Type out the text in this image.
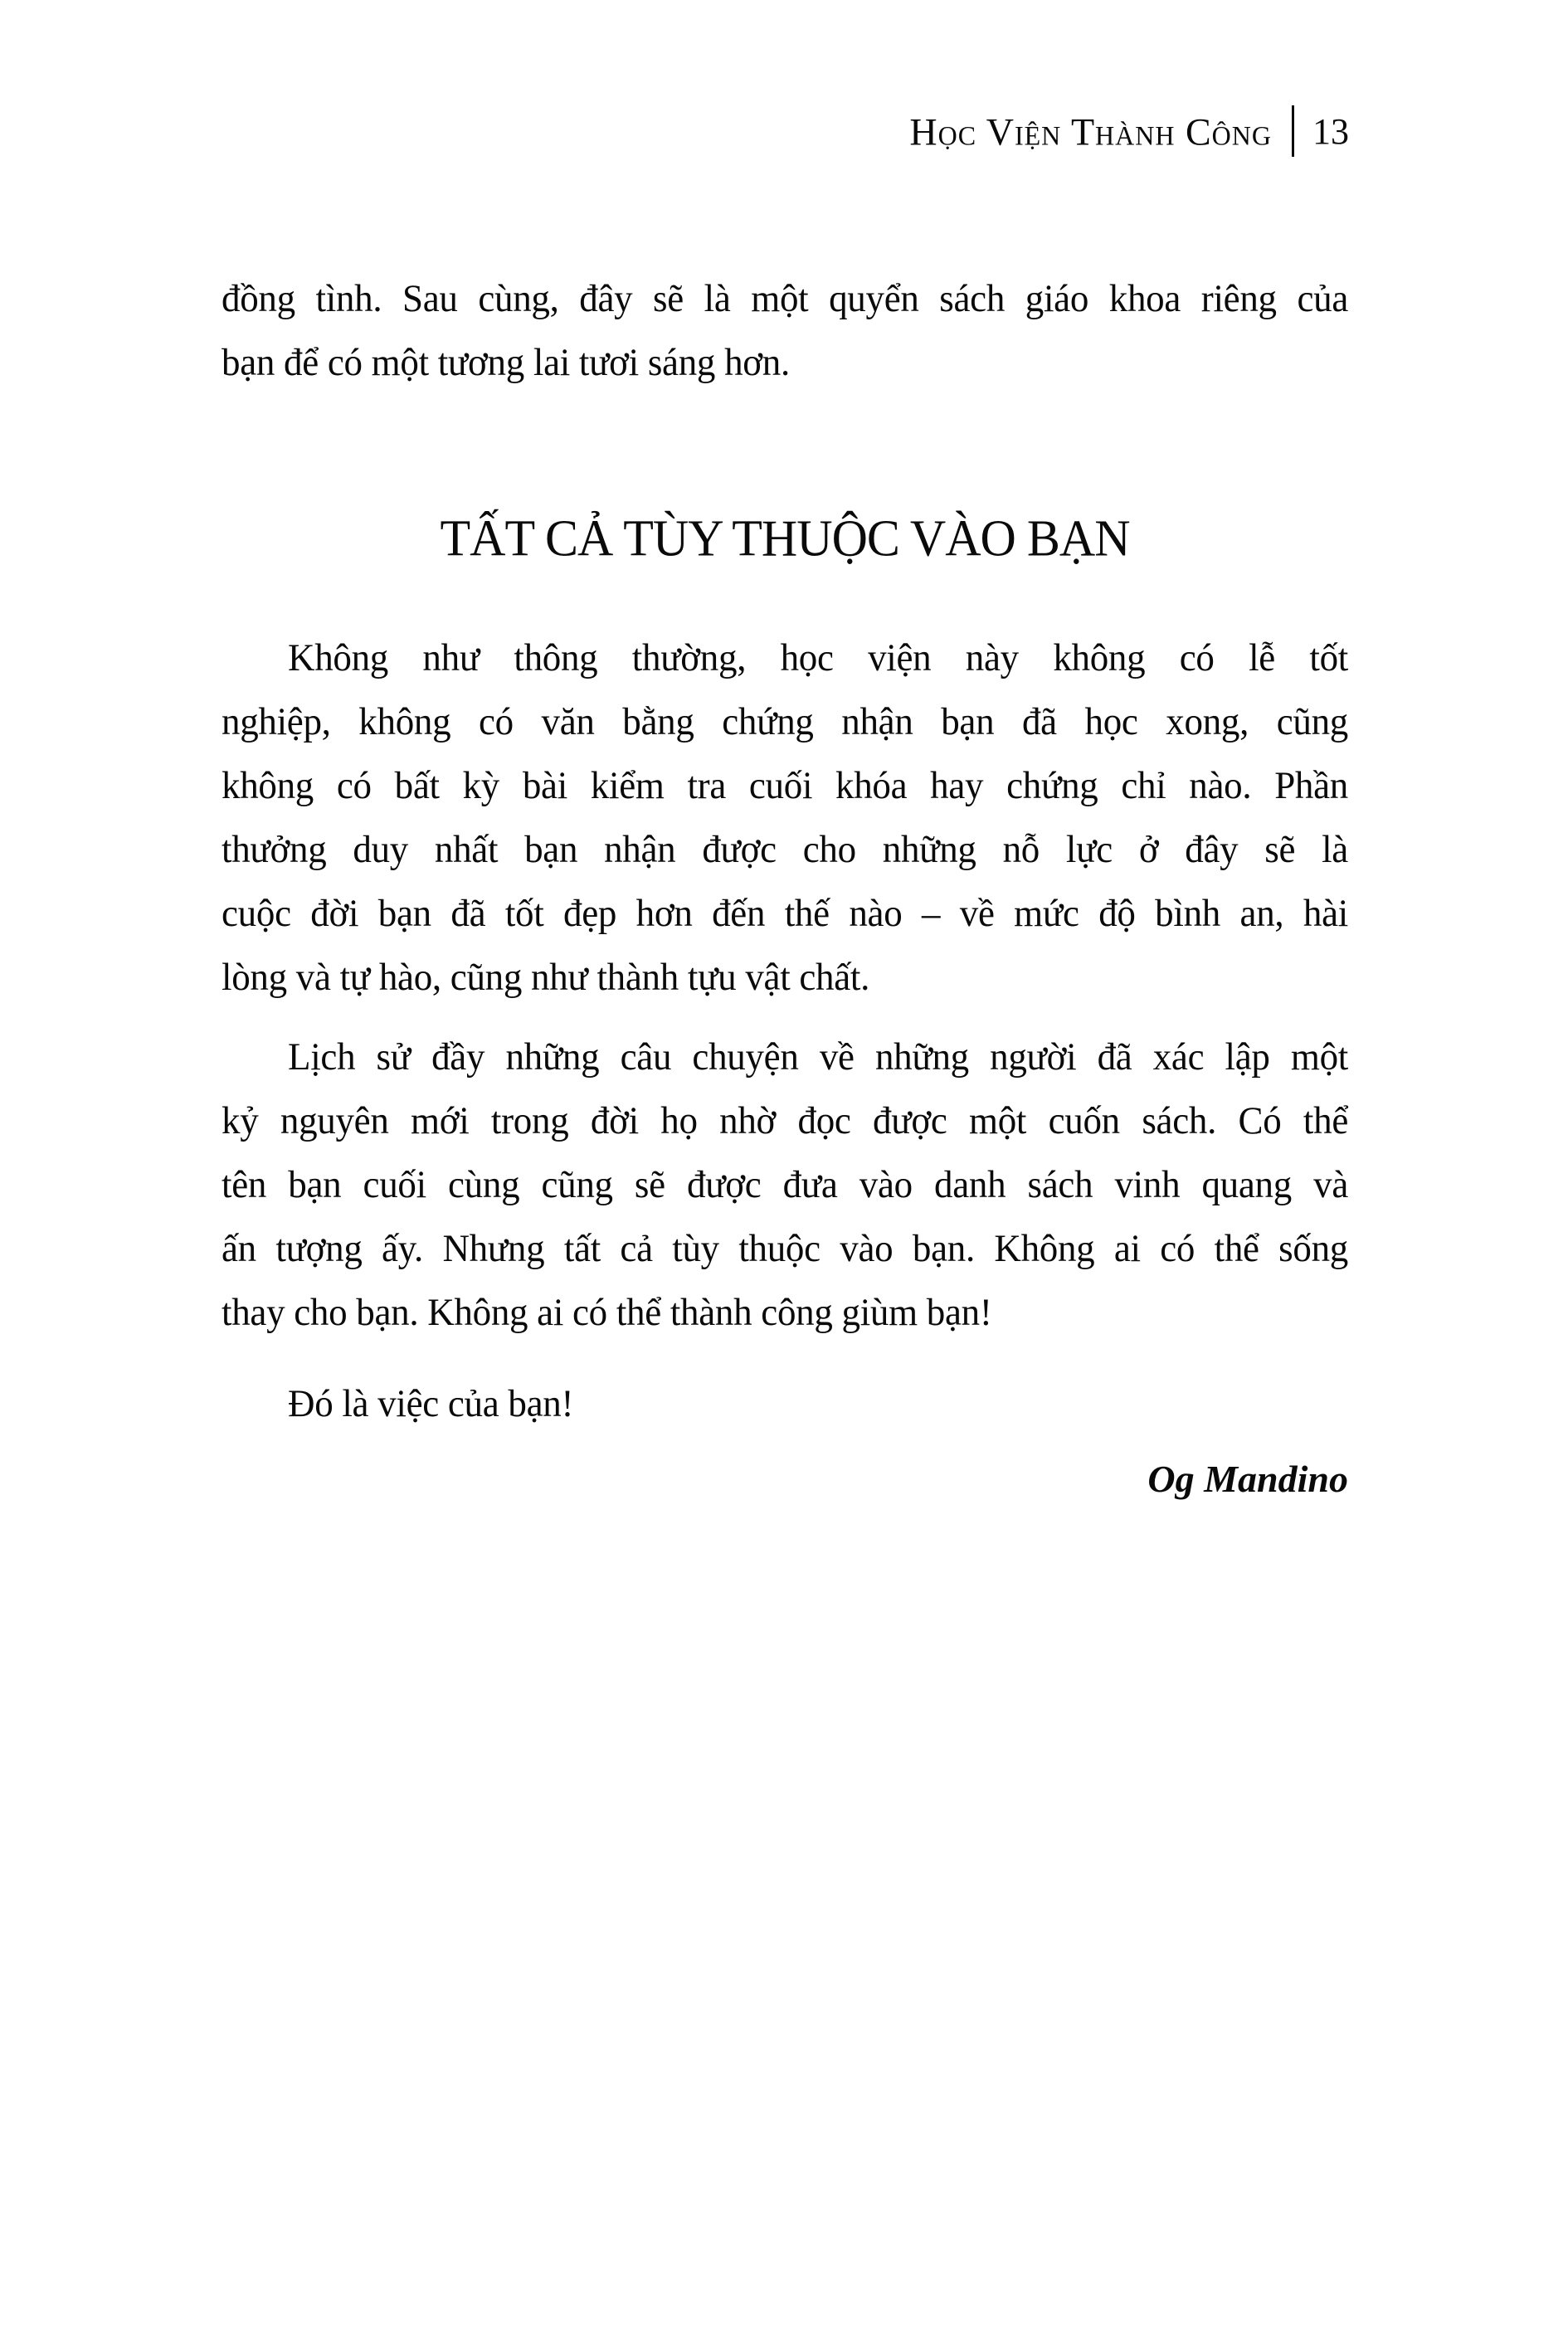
Học Viện Thành Công 13
đồng tình. Sau cùng, đây sẽ là một quyển sách giáo khoa riêng của
bạn để có một tương lai tươi sáng hơn.
TẤT CẢ TÙY THUỘC VÀO BẠN
Không như thông thường, học viện này không có lễ tốt
nghiệp, không có văn bằng chứng nhận bạn đã học xong, cũng
không có bất kỳ bài kiểm tra cuối khóa hay chứng chỉ nào. Phần
thưởng duy nhất bạn nhận được cho những nỗ lực ở đây sẽ là
cuộc đời bạn đã tốt đẹp hơn đến thế nào – về mức độ bình an, hài
lòng và tự hào, cũng như thành tựu vật chất.
Lịch sử đầy những câu chuyện về những người đã xác lập một
kỷ nguyên mới trong đời họ nhờ đọc được một cuốn sách. Có thể
tên bạn cuối cùng cũng sẽ được đưa vào danh sách vinh quang và
ấn tượng ấy. Nhưng tất cả tùy thuộc vào bạn. Không ai có thể sống
thay cho bạn. Không ai có thể thành công giùm bạn!
Đó là việc của bạn!
Og Mandino
